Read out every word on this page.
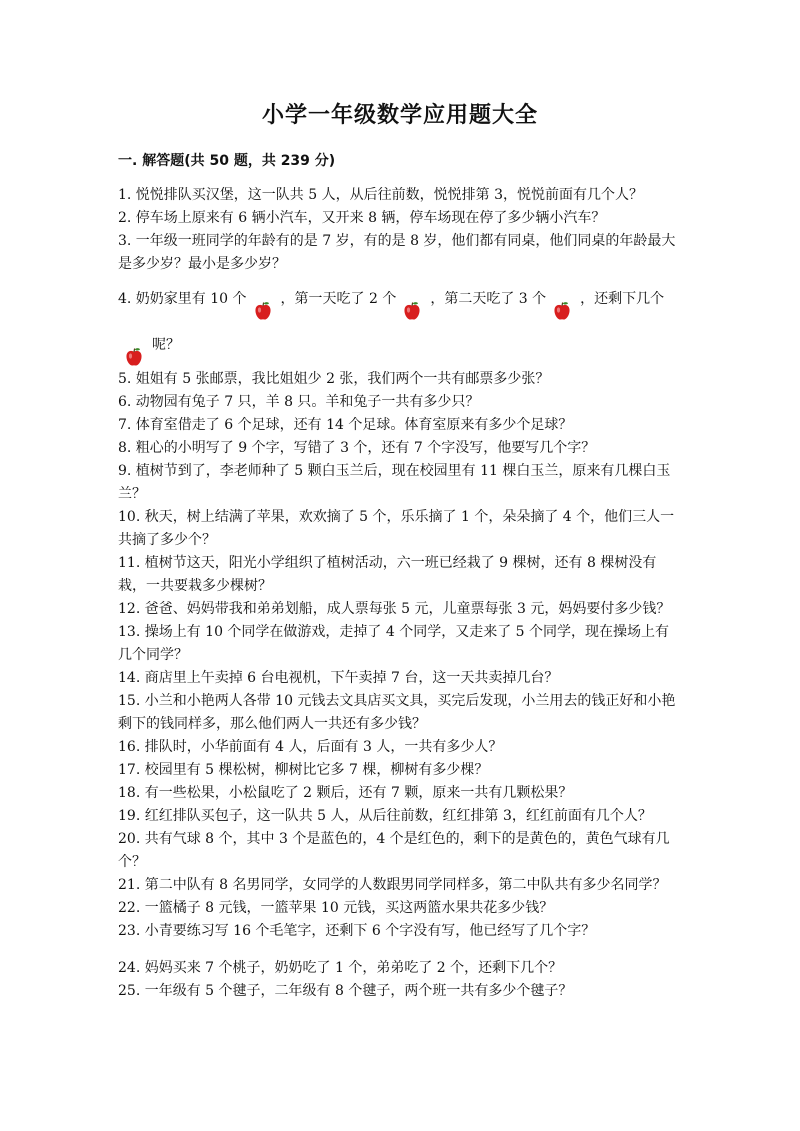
小学一年级数学应用题大全
一. 解答题(共 50 题，共 239 分)

1. 悦悦排队买汉堡，这一队共 5 人，从后往前数，悦悦排第 3，悦悦前面有几个人？

2. 停车场上原来有 6 辆小汽车，又开来 8 辆，停车场现在停了多少辆小汽车？

3. 一年级一班同学的年龄有的是 7 岁，有的是 8 岁，他们都有同桌，他们同桌的年龄最大是多少岁？最小是多少岁？

4. 奶奶家里有 10 个 ，第一天吃了 2 个 ，第二天吃了 3 个 ，还剩下几个
呢？

5. 姐姐有 5 张邮票，我比姐姐少 2 张，我们两个一共有邮票多少张？

6. 动物园有兔子 7 只，羊 8 只。羊和兔子一共有多少只？

7. 体育室借走了 6 个足球，还有 14 个足球。体育室原来有多少个足球？

8. 粗心的小明写了 9 个字，写错了 3 个，还有 7 个字没写，他要写几个字？

9. 植树节到了，李老师种了 5 颗白玉兰后，现在校园里有 11 棵白玉兰，原来有几棵白玉兰？

10. 秋天，树上结满了苹果，欢欢摘了 5 个，乐乐摘了 1 个，朵朵摘了 4 个，他们三人一共摘了多少个？

11. 植树节这天，阳光小学组织了植树活动，六一班已经栽了 9 棵树，还有 8 棵树没有栽，一共要栽多少棵树？

12. 爸爸、妈妈带我和弟弟划船，成人票每张 5 元，儿童票每张 3 元，妈妈要付多少钱？

13. 操场上有 10 个同学在做游戏，走掉了 4 个同学，又走来了 5 个同学，现在操场上有几个同学？

14. 商店里上午卖掉 6 台电视机，下午卖掉 7 台，这一天共卖掉几台？

15. 小兰和小艳两人各带 10 元钱去文具店买文具，买完后发现，小兰用去的钱正好和小艳剩下的钱同样多，那么他们两人一共还有多少钱？

16. 排队时，小华前面有 4 人，后面有 3 人，一共有多少人？

17. 校园里有 5 棵松树，柳树比它多 7 棵，柳树有多少棵？

18. 有一些松果，小松鼠吃了 2 颗后，还有 7 颗，原来一共有几颗松果？

19. 红红排队买包子，这一队共 5 人，从后往前数，红红排第 3，红红前面有几个人？

20. 共有气球 8 个，其中 3 个是蓝色的，4 个是红色的，剩下的是黄色的，黄色气球有几个？

21. 第二中队有 8 名男同学，女同学的人数跟男同学同样多，第二中队共有多少名同学？

22. 一篮橘子 8 元钱，一篮苹果 10 元钱，买这两篮水果共花多少钱？

23. 小青要练习写 16 个毛笔字，还剩下 6 个字没有写，他已经写了几个字？

24. 妈妈买来 7 个桃子，奶奶吃了 1 个，弟弟吃了 2 个，还剩下几个？

25. 一年级有 5 个毽子，二年级有 8 个毽子，两个班一共有多少个毽子？
